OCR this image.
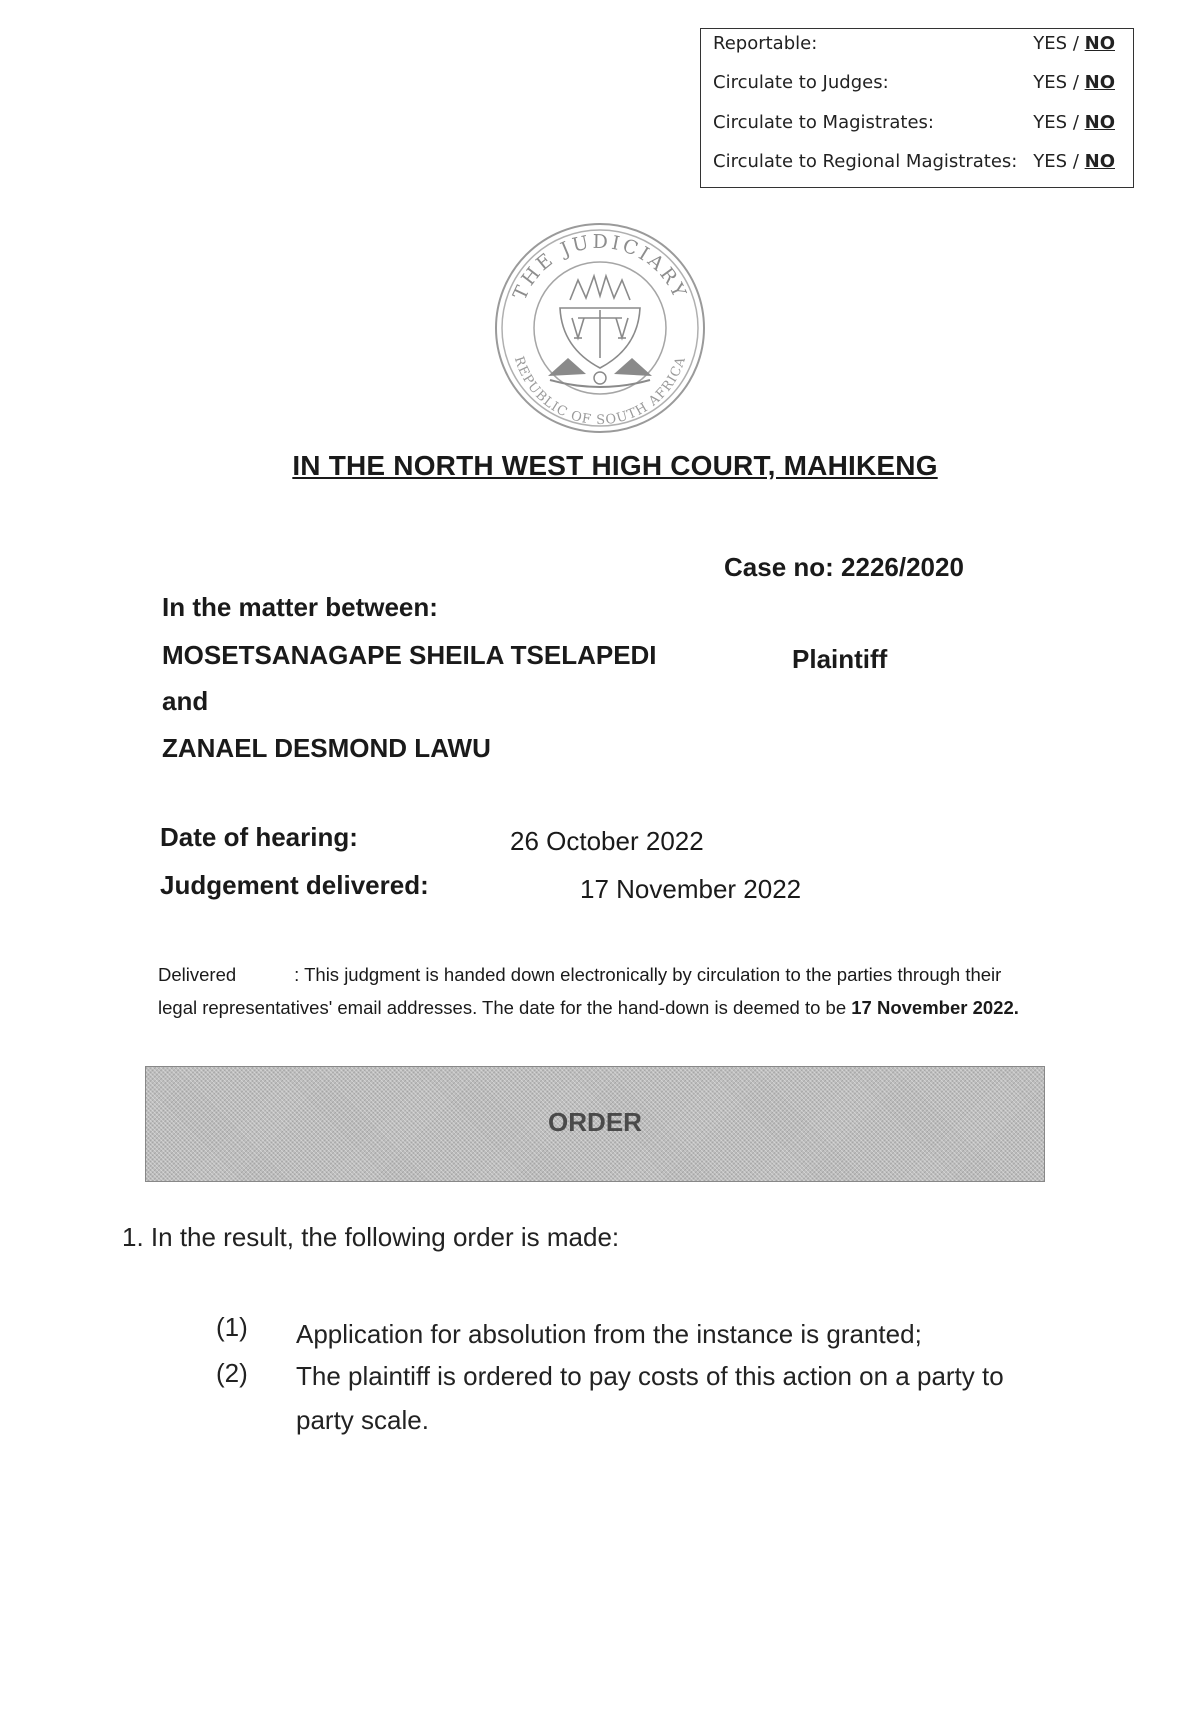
Reportable:	YES / NO
Circulate to Judges:	YES / NO
Circulate to Magistrates:	YES / NO
Circulate to Regional Magistrates: YES / NO
THE JUDICIARY
REPUBLIC OF SOUTH AFRICA
IN THE NORTH WEST HIGH COURT, MAHIKENG
Case no: 2226/2020
In the matter between:
MOSETSANAGAPE SHEILA TSELAPEDI	Plaintiff
and
ZANAEL DESMOND LAWU
Date of hearing:	26 October 2022
Judgement delivered:	17 November 2022
Delivered	: This judgment is handed down electronically by circulation to the parties through their legal representatives' email addresses. The date for the hand-down is deemed to be 17 November 2022.
ORDER
1. In the result, the following order is made:
(1) Application for absolution from the instance is granted;
(2) The plaintiff is ordered to pay costs of this action on a party to party scale.
